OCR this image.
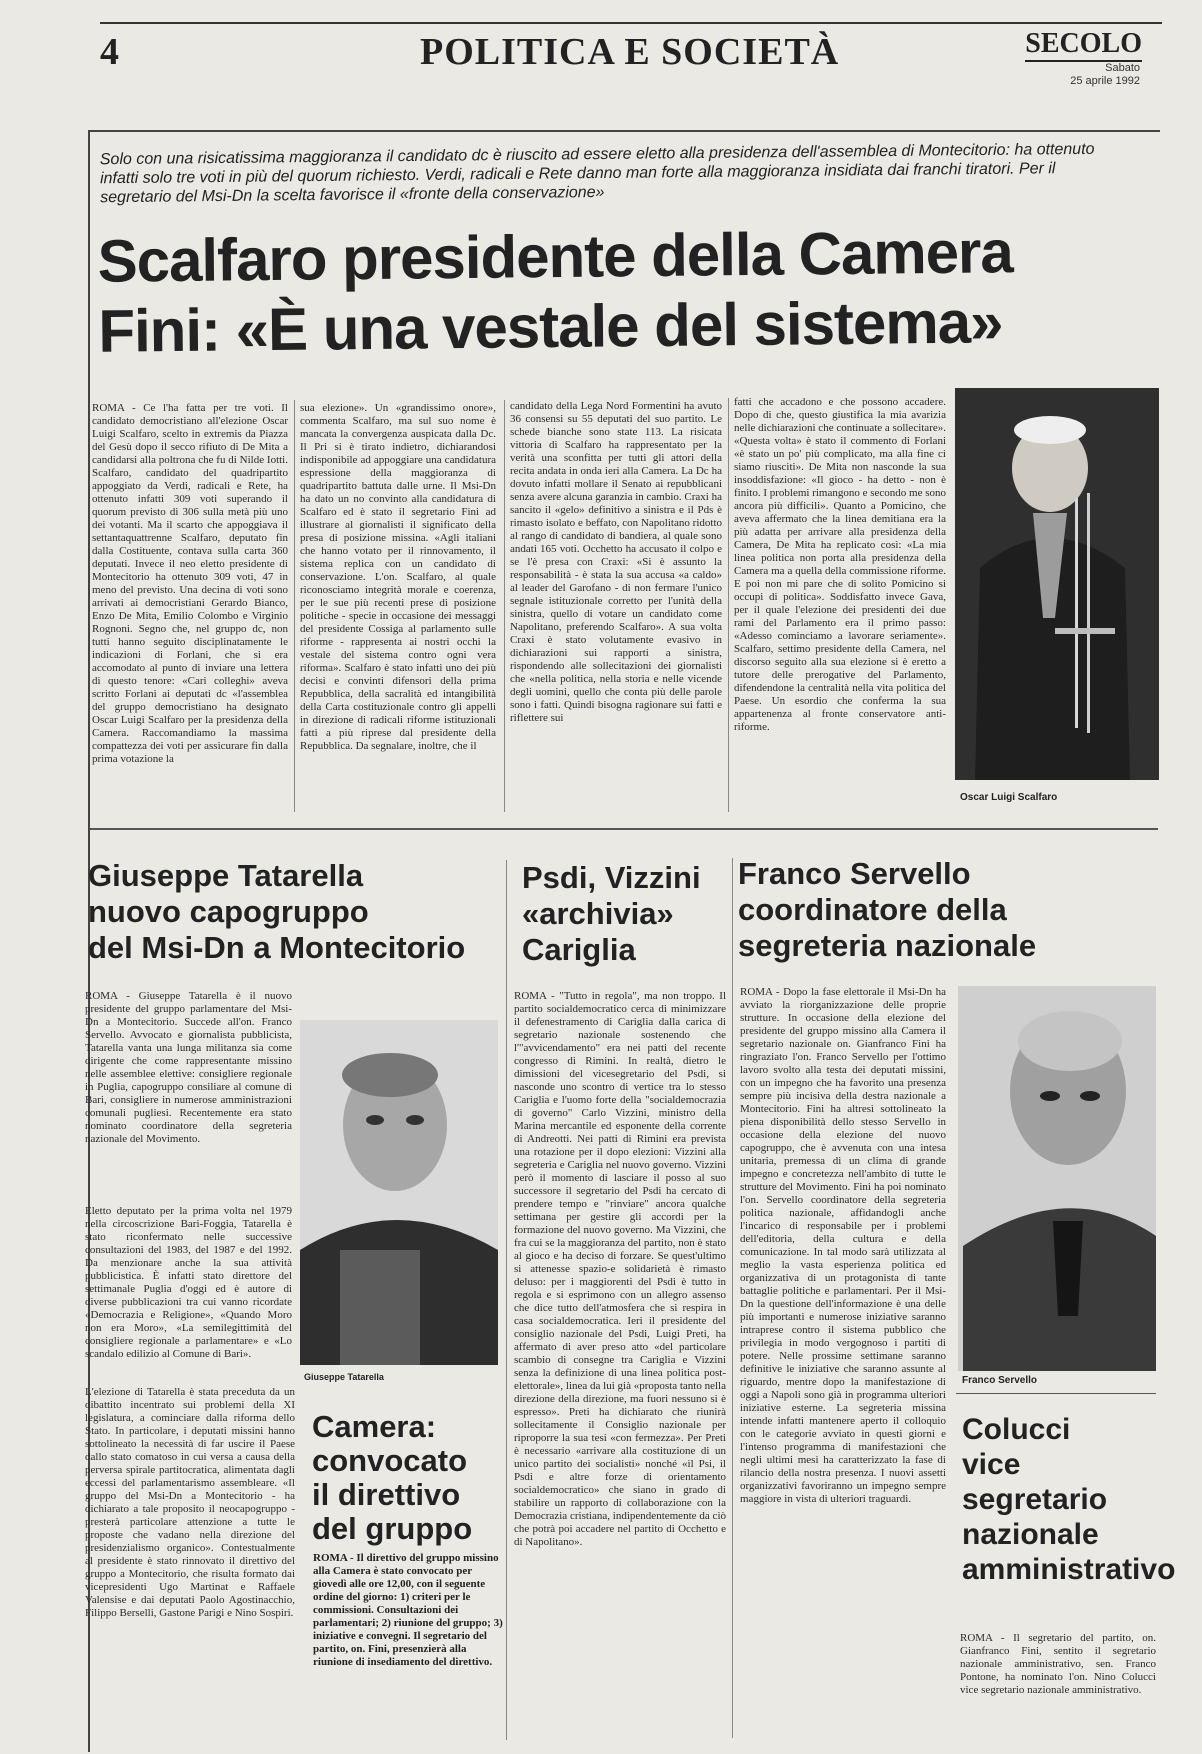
4	POLITICA E SOCIETÀ	SECOLO
Sabato
25 aprile 1992
Solo con una risicatissima maggioranza il candidato dc è riuscito ad essere eletto alla presidenza dell'assemblea di Montecitorio: ha ottenuto infatti solo tre voti in più del quorum richiesto. Verdi, radicali e Rete danno man forte alla maggioranza insidiata dai franchi tiratori. Per il segretario del Msi-Dn la scelta favorisce il «fronte della conservazione»
Scalfaro presidente della Camera
Fini: «È una vestale del sistema»
ROMA - Ce l'ha fatta per tre voti. Il candidato democristiano all'elezione Oscar Luigi Scalfaro, scelto in extremis da Piazza del Gesù dopo il secco rifiuto di De Mita a candidarsi alla poltrona che fu di Nilde Iotti. Scalfaro, candidato del quadripartito appoggiato da Verdi, radicali e Rete, ha ottenuto infatti 309 voti superando il quorum previsto di 306 sulla metà più uno dei votanti. Ma il scarto che appoggiava il settantaquattrenne Scalfaro, deputato fin dalla Costituente, contava sulla carta 360 deputati. Invece il neo eletto presidente di Montecitorio ha ottenuto 309 voti, 47 in meno del previsto. Una decina di voti sono arrivati ai democristiani Gerardo Bianco, Enzo De Mita, Emilio Colombo e Virginio Rognoni. Segno che, nel gruppo dc, non tutti hanno seguito disciplinatamente le indicazioni di Forlani, che si era accomodato al punto di inviare una lettera di questo tenore: «Cari colleghi» aveva scritto Forlani ai deputati dc «l'assemblea del gruppo democristiano ha designato Oscar Luigi Scalfaro per la presidenza della Camera. Raccomandiamo la massima compattezza dei voti per assicurare fin dalla prima votazione la
sua elezione». Un «grandissimo onore», commenta Scalfaro, ma sul suo nome è mancata la convergenza auspicata dalla Dc. Il Pri si è tirato indietro, dichiarandosi indisponibile ad appoggiare una candidatura espressione della maggioranza di quadripartito battuta dalle urne. Il Msi-Dn ha dato un no convinto alla candidatura di Scalfaro ed è stato il segretario Fini ad illustrare al giornalisti il significato della presa di posizione missina. «Agli italiani che hanno votato per il rinnovamento, il sistema replica con un candidato di conservazione. L'on. Scalfaro, al quale riconosciamo integrità morale e coerenza, per le sue più recenti prese di posizione politiche - specie in occasione dei messaggi del presidente Cossiga al parlamento sulle riforme - rappresenta ai nostri occhi la vestale del sistema contro ogni vera riforma». Scalfaro è stato infatti uno dei più decisi e convinti difensori della prima Repubblica, della sacralità ed intangibilità della Carta costituzionale contro gli appelli in direzione di radicali riforme istituzionali fatti a più riprese dal presidente della Repubblica. Da segnalare, inoltre, che il
candidato della Lega Nord Formentini ha avuto 36 consensi su 55 deputati del suo partito. Le schede bianche sono state 113. La risicata vittoria di Scalfaro ha rappresentato per la verità una sconfitta per tutti gli attori della recita andata in onda ieri alla Camera. La Dc ha dovuto infatti mollare il Senato ai repubblicani senza avere alcuna garanzia in cambio. Craxi ha sancito il «gelo» definitivo a sinistra e il Pds è rimasto isolato e beffato, con Napolitano ridotto al rango di candidato di bandiera, al quale sono andati 165 voti. Occhetto ha accusato il colpo e se l'è presa con Craxi: «Si è assunto la responsabilità - è stata la sua accusa «a caldo» al leader del Garofano - di non fermare l'unico segnale istituzionale corretto per l'unità della sinistra, quello di votare un candidato come Napolitano, preferendo Scalfaro». A sua volta Craxi è stato volutamente evasivo in dichiarazioni sui rapporti a sinistra, rispondendo alle sollecitazioni dei giornalisti che «nella politica, nella storia e nelle vicende degli uomini, quello che conta più delle parole sono i fatti. Quindi bisogna ragionare sui fatti e riflettere sui
fatti che accadono e che possono accadere. Dopo di che, questo giustifica la mia avarizia nelle dichiarazioni che continuate a sollecitare». «Questa volta» è stato il commento di Forlani «è stato un po' più complicato, ma alla fine ci siamo riusciti». De Mita non nasconde la sua insoddisfazione: «Il gioco - ha detto - non è finito. I problemi rimangono e secondo me sono ancora più difficili». Quanto a Pomicino, che aveva affermato che la linea demitiana era la più adatta per arrivare alla presidenza della Camera, De Mita ha replicato così: «La mia linea politica non porta alla presidenza della Camera ma a quella della commissione riforme. E poi non mi pare che di solito Pomicino si occupi di politica». Soddisfatto invece Gava, per il quale l'elezione dei presidenti dei due rami del Parlamento era il primo passo: «Adesso cominciamo a lavorare seriamente». Scalfaro, settimo presidente della Camera, nel discorso seguito alla sua elezione si è eretto a tutore delle prerogative del Parlamento, difendendone la centralità nella vita politica del Paese. Un esordio che conferma la sua appartenenza al fronte conservatore anti-riforme.
Oscar Luigi Scalfaro
Giuseppe Tatarella
nuovo capogruppo
del Msi-Dn a Montecitorio
ROMA - Giuseppe Tatarella è il nuovo presidente del gruppo parlamentare del Msi-Dn a Montecitorio. Succede all'on. Franco Servello. Avvocato e giornalista pubblicista, Tatarella vanta una lunga militanza sia come dirigente che come rappresentante missino nelle assemblee elettive: consigliere regionale in Puglia, capogruppo consiliare al comune di Bari, consigliere in numerose amministrazioni comunali pugliesi. Recentemente era stato nominato coordinatore della segreteria nazionale del Movimento.
Eletto deputato per la prima volta nel 1979 nella circoscrizione Bari-Foggia, Tatarella è stato riconfermato nelle successive consultazioni del 1983, del 1987 e del 1992. Da menzionare anche la sua attività pubblicistica. È infatti stato direttore del settimanale Puglia d'oggi ed è autore di diverse pubblicazioni tra cui vanno ricordate «Democrazia e Religione», «Quando Moro non era Moro», «La semilegittimità del consigliere regionale a parlamentare» e «Lo scandalo edilizio al Comune di Bari».
L'elezione di Tatarella è stata preceduta da un dibattito incentrato sui problemi della XI legislatura, a cominciare dalla riforma dello Stato. In particolare, i deputati missini hanno sottolineato la necessità di far uscire il Paese dallo stato comatoso in cui versa a causa della perversa spirale partitocratica, alimentata dagli eccessi del parlamentarismo assembleare. «Il gruppo del Msi-Dn a Montecitorio - ha dichiarato a tale proposito il neocapogruppo - presterà particolare attenzione a tutte le proposte che vadano nella direzione del presidenzialismo organico». Contestualmente al presidente è stato rinnovato il direttivo del gruppo a Montecitorio, che risulta formato dai vicepresidenti Ugo Martinat e Raffaele Valensise e dai deputati Paolo Agostinacchio, Filippo Berselli, Gastone Parigi e Nino Sospiri.
Giuseppe Tatarella
Camera:
convocato
il direttivo
del gruppo
ROMA - Il direttivo del gruppo missino alla Camera è stato convocato per giovedì alle ore 12,00, con il seguente ordine del giorno: 1) criteri per le commissioni. Consultazioni dei parlamentari; 2) riunione del gruppo; 3) iniziative e convegni. Il segretario del partito, on. Fini, presenzierà alla riunione di insediamento del direttivo.
Psdi, Vizzini
«archivia»
Cariglia
ROMA - "Tutto in regola", ma non troppo. Il partito socialdemocratico cerca di minimizzare il defenestramento di Cariglia dalla carica di segretario nazionale sostenendo che l'"avvicendamento" era nei patti del recente congresso di Rimini. In realtà, dietro le dimissioni del vicesegretario del Psdi, si nasconde uno scontro di vertice tra lo stesso Cariglia e l'uomo forte della "socialdemocrazia di governo" Carlo Vizzini, ministro della Marina mercantile ed esponente della corrente di Andreotti. Nei patti di Rimini era prevista una rotazione per il dopo elezioni: Vizzini alla segreteria e Cariglia nel nuovo governo. Vizzini però il momento di lasciare il posso al suo successore il segretario del Psdi ha cercato di prendere tempo e "rinviare" ancora qualche settimana per gestire gli accordi per la formazione del nuovo governo. Ma Vizzini, che fra cui se la maggioranza del partito, non è stato al gioco e ha deciso di forzare. Se quest'ultimo si attenesse spazio-e solidarietà è rimasto deluso: per i maggiorenti del Psdi è tutto in regola e si esprimono con un allegro assenso che dice tutto dell'atmosfera che si respira in casa socialdemocratica. Ieri il presidente del consiglio nazionale del Psdi, Luigi Preti, ha affermato di aver preso atto «del particolare scambio di consegne tra Cariglia e Vizzini senza la definizione di una linea politica post-elettorale», linea da lui già «proposta tanto nella direzione della direzione, ma fuori nessuno si è espresso». Preti ha dichiarato che riunirà sollecitamente il Consiglio nazionale per riproporre la sua tesi «con fermezza». Per Preti è necessario «arrivare alla costituzione di un unico partito dei socialisti» nonché «il Psi, il Psdi e altre forze di orientamento socialdemocratico» che siano in grado di stabilire un rapporto di collaborazione con la Democrazia cristiana, indipendentemente da ciò che potrà poi accadere nel partito di Occhetto e di Napolitano».
Franco Servello
coordinatore della
segreteria nazionale
ROMA - Dopo la fase elettorale il Msi-Dn ha avviato la riorganizzazione delle proprie strutture. In occasione della elezione del presidente del gruppo missino alla Camera il segretario nazionale on. Gianfranco Fini ha ringraziato l'on. Franco Servello per l'ottimo lavoro svolto alla testa dei deputati missini, con un impegno che ha favorito una presenza sempre più incisiva della destra nazionale a Montecitorio. Fini ha altresì sottolineato la piena disponibilità dello stesso Servello in occasione della elezione del nuovo capogruppo, che è avvenuta con una intesa unitaria, premessa di un clima di grande impegno e concretezza nell'ambito di tutte le strutture del Movimento. Fini ha poi nominato l'on. Servello coordinatore della segreteria politica nazionale, affidandogli anche l'incarico di responsabile per i problemi dell'editoria, della cultura e della comunicazione. In tal modo sarà utilizzata al meglio la vasta esperienza politica ed organizzativa di un protagonista di tante battaglie politiche e parlamentari. Per il Msi-Dn la questione dell'informazione è una delle più importanti e numerose iniziative saranno intraprese contro il sistema pubblico che privilegia in modo vergognoso i partiti di potere. Nelle prossime settimane saranno definitive le iniziative che saranno assunte al riguardo, mentre dopo la manifestazione di oggi a Napoli sono già in programma ulteriori iniziative esterne. La segreteria missina intende infatti mantenere aperto il colloquio con le categorie avviato in questi giorni e l'intenso programma di manifestazioni che negli ultimi mesi ha caratterizzato la fase di rilancio della nostra presenza. I nuovi assetti organizzativi favoriranno un impegno sempre maggiore in vista di ulteriori traguardi.
Franco Servello
Colucci
vice
segretario
nazionale
amministrativo
ROMA - Il segretario del partito, on. Gianfranco Fini, sentito il segretario nazionale amministrativo, sen. Franco Pontone, ha nominato l'on. Nino Colucci vice segretario nazionale amministrativo.
